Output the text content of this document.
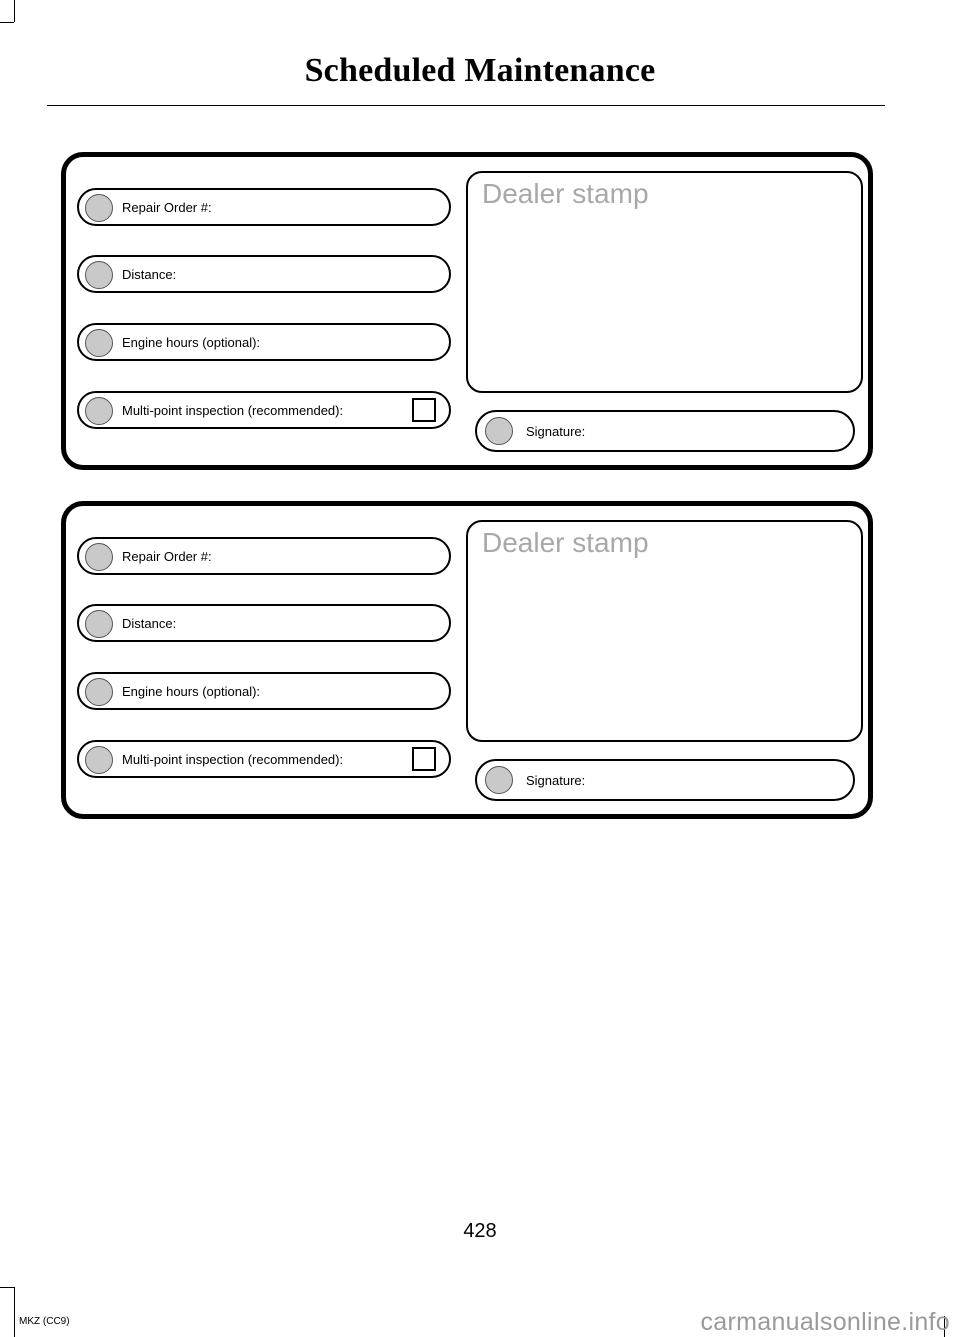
Scheduled Maintenance
Repair Order #:
Distance:
Engine hours (optional):
Multi-point inspection (recommended):
Dealer stamp
Signature:
Repair Order #:
Distance:
Engine hours (optional):
Multi-point inspection (recommended):
Dealer stamp
Signature:
428
MKZ (CC9)	carmanualsonline.info
